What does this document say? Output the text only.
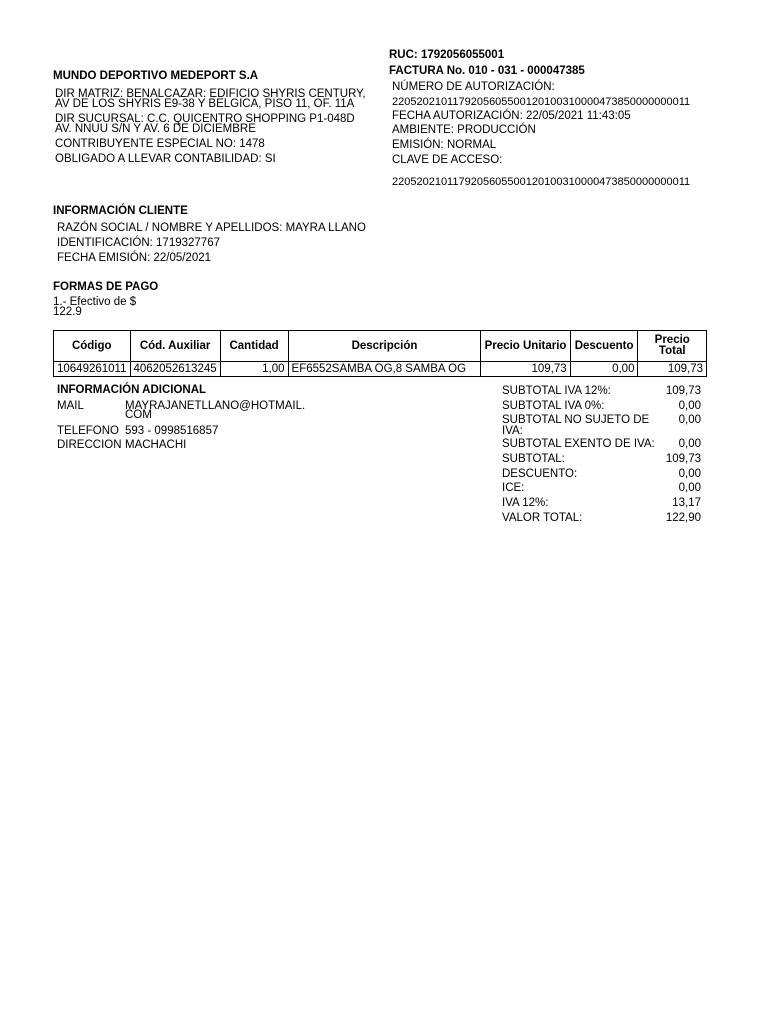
MUNDO DEPORTIVO MEDEPORT S.A
DIR MATRIZ: BENALCAZAR: EDIFICIO SHYRIS CENTURY,
AV DE LOS SHYRIS E9-38 Y BELGICA, PISO 11, OF. 11A
DIR SUCURSAL: C.C. QUICENTRO SHOPPING P1-048D
AV. NNUU S/N Y AV. 6 DE DICIEMBRE
CONTRIBUYENTE ESPECIAL NO: 1478
OBLIGADO A LLEVAR CONTABILIDAD: SI
RUC: 1792056055001
FACTURA No. 010 - 031 - 000047385
NÚMERO DE AUTORIZACIÓN:
2205202101179205605500120100310000473850000000011
FECHA AUTORIZACIÓN: 22/05/2021 11:43:05
AMBIENTE: PRODUCCIÓN
EMISIÓN: NORMAL
CLAVE DE ACCESO:
2205202101179205605500120100310000473850000000011
INFORMACIÓN CLIENTE
RAZÓN SOCIAL / NOMBRE Y APELLIDOS: MAYRA LLANO
IDENTIFICACIÓN: 1719327767
FECHA EMISIÓN: 22/05/2021
FORMAS DE PAGO
1.- Efectivo de $
122.9
Código	Cód. Auxiliar	Cantidad	Descripción	Precio Unitario	Descuento	Precio
Total
10649261011	4062052613245	1,00	EF6552SAMBA OG,8 SAMBA OG	109,73	0,00	109,73
INFORMACIÓN ADICIONAL
MAIL	MAYRAJANETLLANO@HOTMAIL.
COM
TELEFONO 593 - 0998516857
DIRECCION MACHACHI
SUBTOTAL IVA 12%:	109,73
SUBTOTAL IVA 0%:	0,00
SUBTOTAL NO SUJETO DE IVA:
0,00
SUBTOTAL EXENTO DE IVA: 0,00
SUBTOTAL:	109,73
DESCUENTO:	0,00
ICE:	0,00
IVA 12%:	13,17
VALOR TOTAL:	122,90
